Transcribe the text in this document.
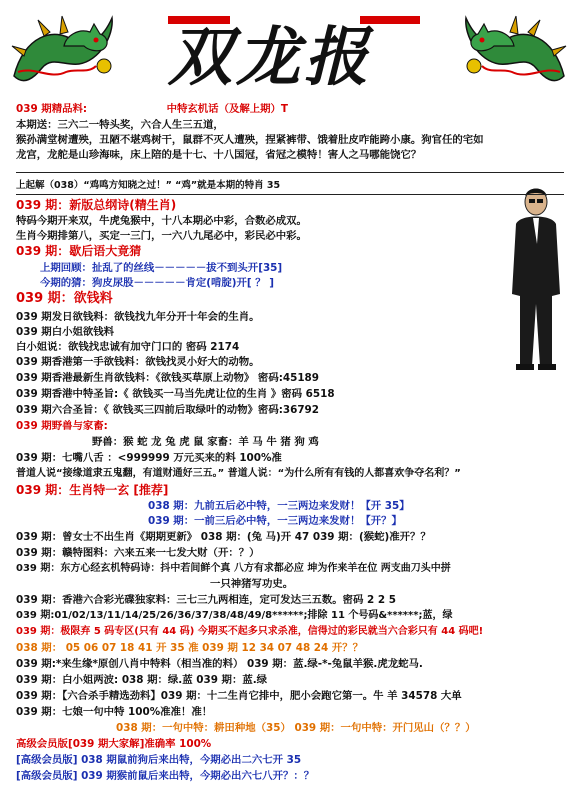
双龙报
039 期精品料:	中特玄机话（及解上期）T
本期送：三六二一特头奖，六合人生三五道，
猴孙满堂树遭殃，丑陋不堪鸡树干，鼠群不灭人遭殃，捏紧裤带、饿着肚皮咋能跨小康。狗官任的宅如
龙宫，龙舵是山珍海味，床上陪的是十七、十八国冠，省冠之模特！害人之马哪能饶它？
上起解（038）“鸡鸣方知晓之过！” “鸡”就是本期的特肖 35
039 期：新版总纲诗(精生肖)
特码今期开来双，牛虎兔猴中，十八本期必中彩，合数必成双。
生肖今期排第八，买定一三门，一六八九尾必中，彩民必中彩。
039 期：歇后语大竟猜
上期回顾：扯乱了的丝线－－－－－拔不到头开[35]
今期的猜：狗皮尿股－－－－－肯定(啃腚)开[ ？ ]
039 期：欲钱料
039 期发日欲钱料：欲钱找九年分开十年会的生肖。
039 期白小姐欲钱料
白小姐说：欲钱找忠诚有加守门口的 密码 2174
039 期香港第一手欲钱料：欲钱找灵小好大的动物。
039 期香港最新生肖欲钱料：《欲钱买草原上动物》 密码:45189
039 期香港中特圣旨:《 欲钱买一马当先虎让位的生肖 》密码 6518
039 期六合圣旨：《 欲钱买三四前后取绿叶的动物》密码:36792
039 期野兽与家畜:
野兽：猴 蛇 龙 兔 虎 鼠 家畜：羊 马 牛 猪 狗 鸡
039 期：七嘴八舌 ：<999999 万元买来的料 100%准
普道人说“接缘道隶五鬼翻，有道财通好三五。” 普道人说：“为什么所有有钱的人都喜欢争夺名利？”
039 期：生肖特一玄 [推荐]
038 期：九前五后必中特，一三两边来发财！【开 35】
039 期：一前三后必中特，一三两边来发财！【开？】
039 期：曾女士不出生肖《期期更新》 038 期：(兔 马)开 47 039 期：(猴蛇)准开？？
039 期：赣特图料：六来五来一七发大财（开：？）
039 期：东方心经玄机特码诗：抖中若间鲜个真 八方有求都必应 坤为作来羊在位 两支曲刀头中拼
一只神猪写功史。
039 期：香港六合彩光碟独家料：三七三九两相连，定可发达三五数。密码 2 2 5
039 期:01/02/13/11/14/25/26/36/37/38/48/49/8******;排除 11 个号码&******;蓝，绿
039 期：极限弃 5 码专区(只有 44 码) 今期买不起多只求杀准，信得过的彩民就当六合彩只有 44 码吧!
038 期： 05 06 07 18 41 开 35 准 039 期 12 34 07 48 24 开？？
039 期:*来生缘*原创八肖中特料（相当准的料） 039 期：蓝.绿-*-兔鼠羊猴.虎龙蛇马.
039 期：白小姐两波: 038 期：绿.蓝 039 期：蓝.绿
039 期：【六合杀手精选劲料】039 期：十二生肖它排中，肥小会跑它第一。牛 羊 34578 大单
039 期：七娘一句中特 100%准准！准！
038 期：一句中特：耕田种地（35） 039 期：一句中特：开门见山（？？）
高级会员版[039 期大家解]准确率 100%
[高级会员版] 038 期鼠前狗后来出特，今期必出二六七开 35
[高级会员版] 039 期猴前鼠后来出特，今期必出六七八开？：？
